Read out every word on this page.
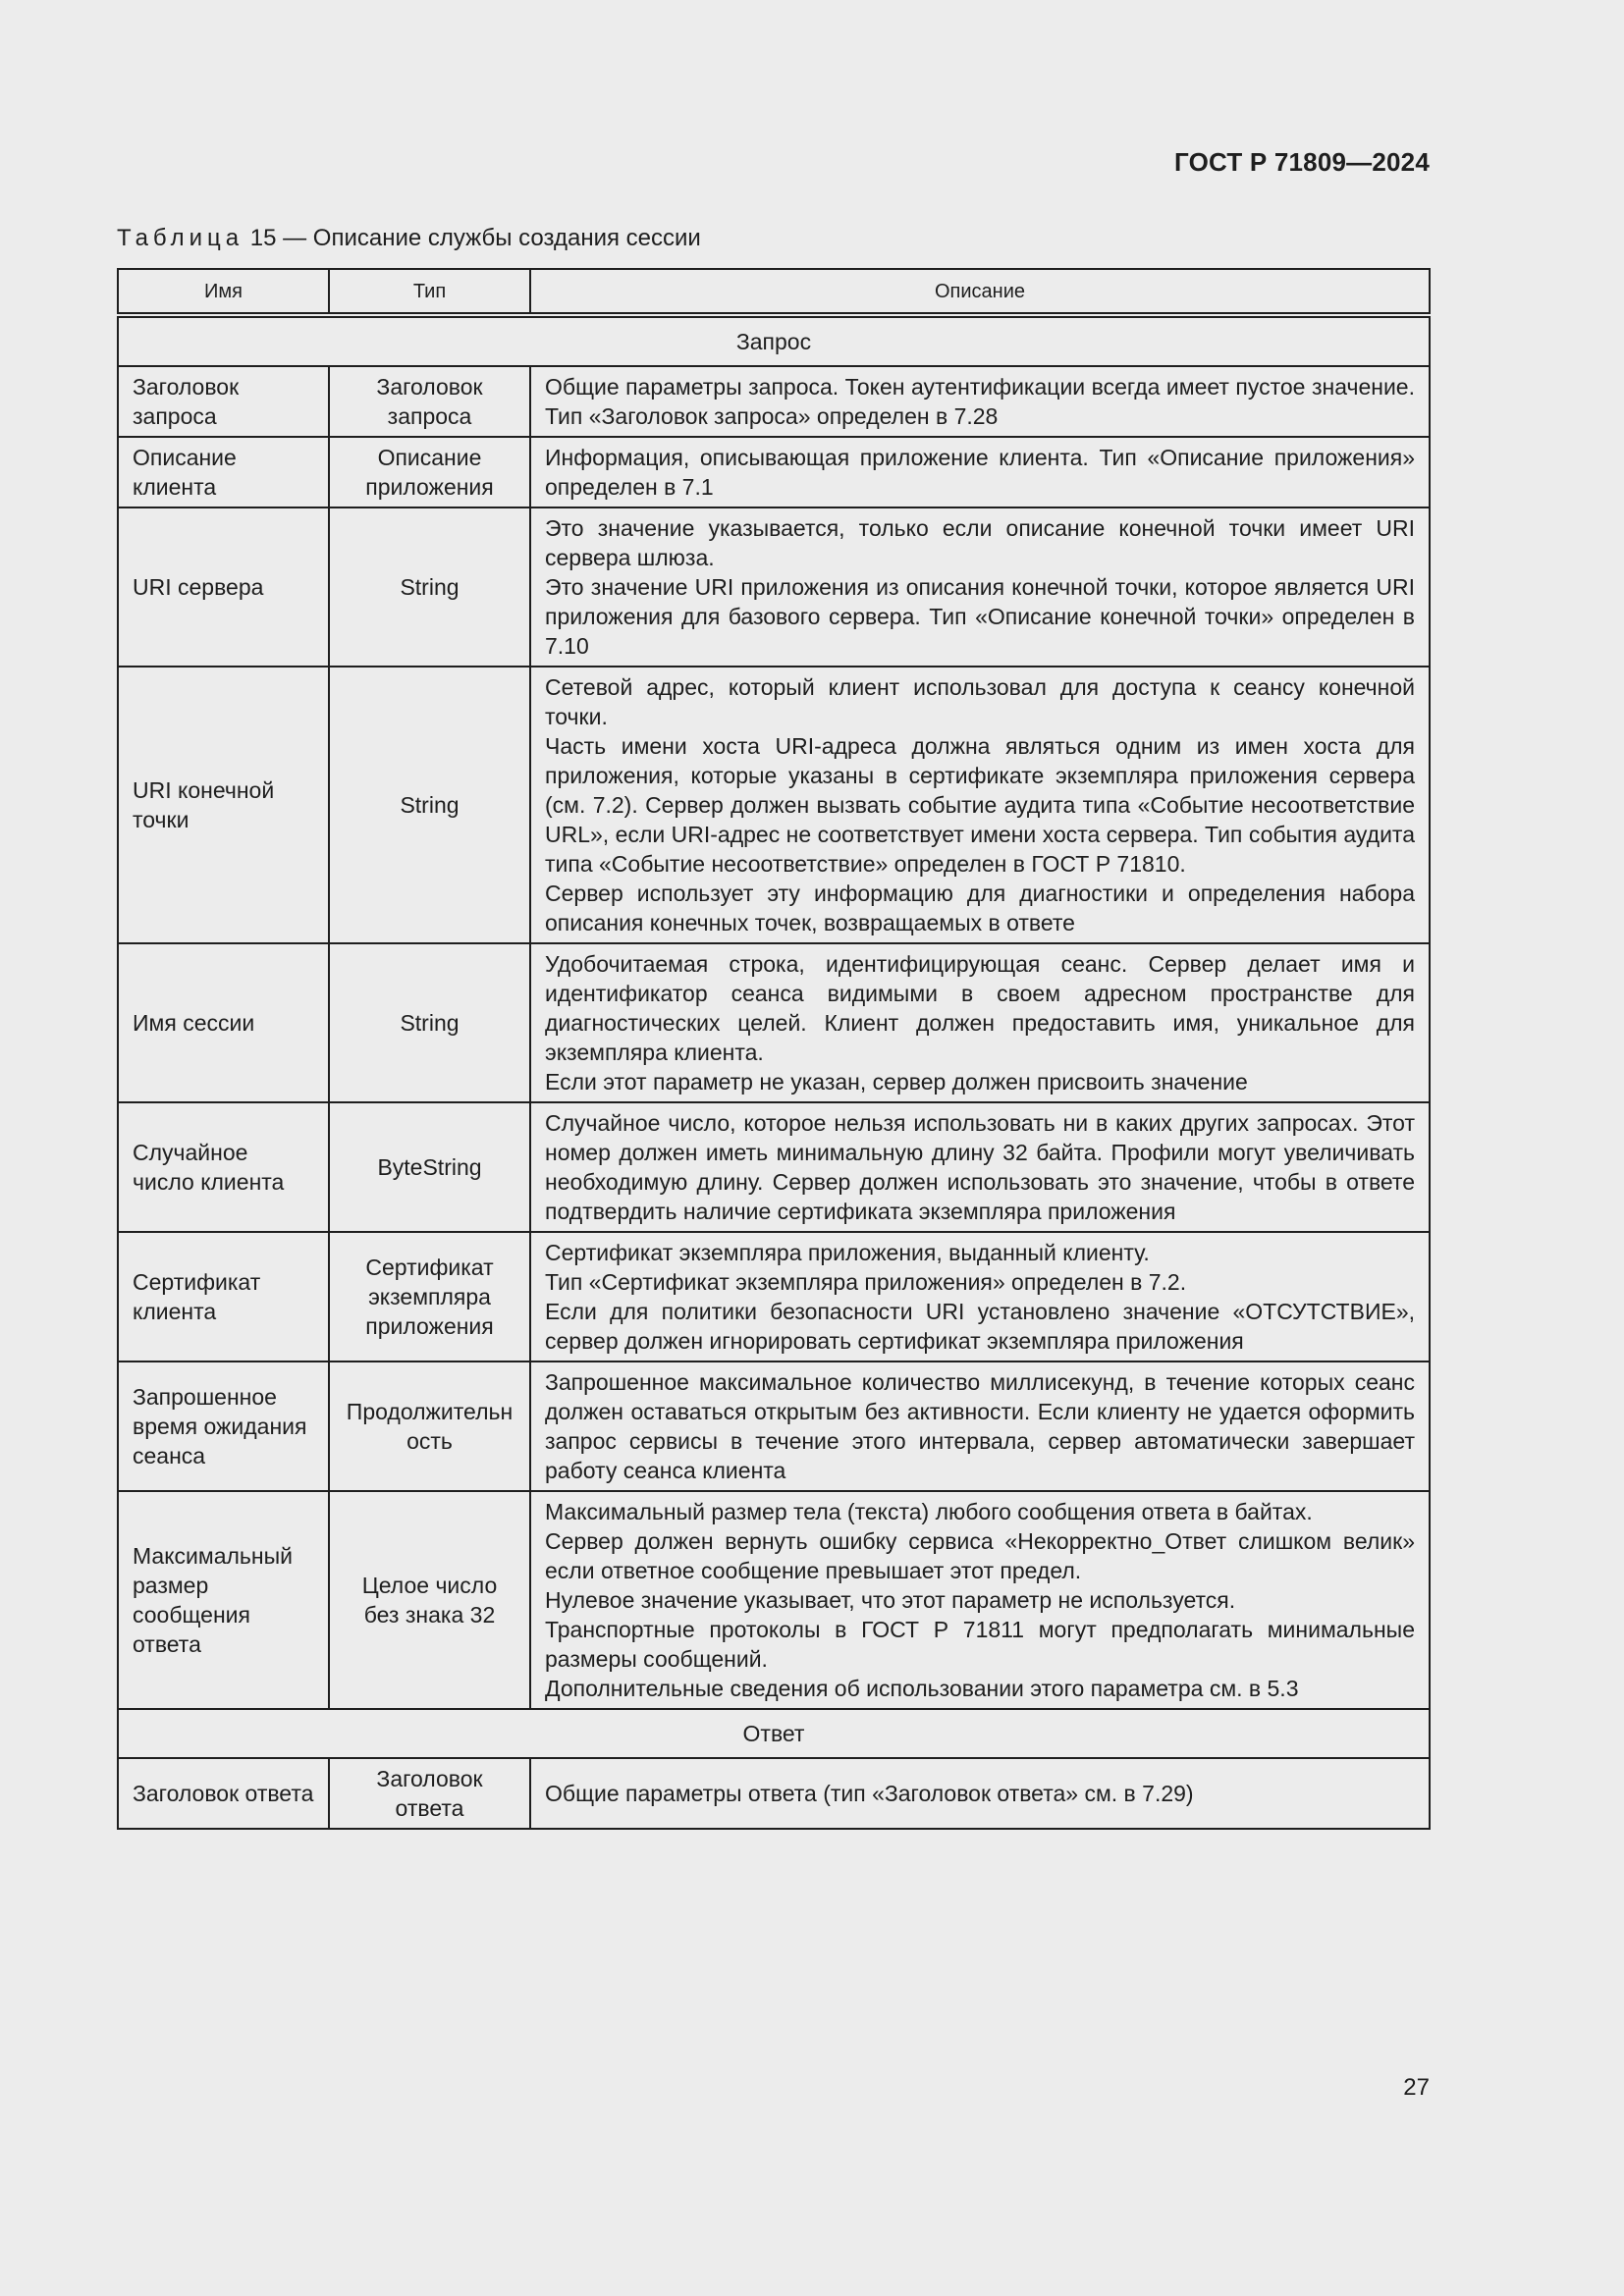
ГОСТ Р 71809—2024
Таблица 15 — Описание службы создания сессии
Имя	Тип	Описание
Запрос		
Заголовок запроса	Заголовок запроса	Общие параметры запроса. Токен аутентификации всегда имеет пустое значение. Тип «Заголовок запроса» определен в 7.28

Описание клиента	Описание приложения	Информация, описывающая приложение клиента. Тип «Описание приложения» определен в 7.1

URI сервера	String	Это значение указывается, только если описание конечной точки имеет URI сервера шлюза.
Это значение URI приложения из описания конечной точки, которое является URI приложения для базового сервера. Тип «Описание конечной точки» определен в 7.10

URI конечной точки	String	Сетевой адрес, который клиент использовал для доступа к сеансу конечной точки.
Часть имени хоста URI-адреса должна являться одним из имен хоста для приложения, которые указаны в сертификате экземпляра приложения сервера (см. 7.2). Сервер должен вызвать событие аудита типа «Событие несоответствие URL», если URI-адрес не соответствует имени хоста сервера. Тип события аудита типа «Событие несоответствие» определен в ГОСТ Р 71810.
Сервер использует эту информацию для диагностики и определения набора описания конечных точек, возвращаемых в ответе

Имя сессии	String	Удобочитаемая строка, идентифицирующая сеанс. Сервер делает имя и идентификатор сеанса видимыми в своем адресном пространстве для диагностических целей. Клиент должен предоставить имя, уникальное для экземпляра клиента.
Если этот параметр не указан, сервер должен присвоить значение

Случайное число клиента	ByteString	Случайное число, которое нельзя использовать ни в каких других запросах. Этот номер должен иметь минимальную длину 32 байта. Профили могут увеличивать необходимую длину. Сервер должен использовать это значение, чтобы в ответе подтвердить наличие сертификата экземпляра приложения

Сертификат клиента	Сертификат экземпляра приложения	Сертификат экземпляра приложения, выданный клиенту.
Тип «Сертификат экземпляра приложения» определен в 7.2.
Если для политики безопасности URI установлено значение «ОТСУТСТВИЕ», сервер должен игнорировать сертификат экземпляра приложения

Запрошенное время ожидания сеанса	Продолжительность	Запрошенное максимальное количество миллисекунд, в течение которых сеанс должен оставаться открытым без активности. Если клиенту не удается оформить запрос сервисы в течение этого интервала, сервер автоматически завершает работу сеанса клиента

Максимальный размер сообщения ответа	Целое число без знака 32	Максимальный размер тела (текста) любого сообщения ответа в байтах.
Сервер должен вернуть ошибку сервиса «Некорректно_Ответ слишком велик» если ответное сообщение превышает этот предел.
Нулевое значение указывает, что этот параметр не используется.
Транспортные протоколы в ГОСТ Р 71811 могут предполагать минимальные размеры сообщений.
Дополнительные сведения об использовании этого параметра см. в 5.3

Ответ		
Заголовок ответа	Заголовок ответа	Общие параметры ответа (тип «Заголовок ответа» см. в 7.29)
27
